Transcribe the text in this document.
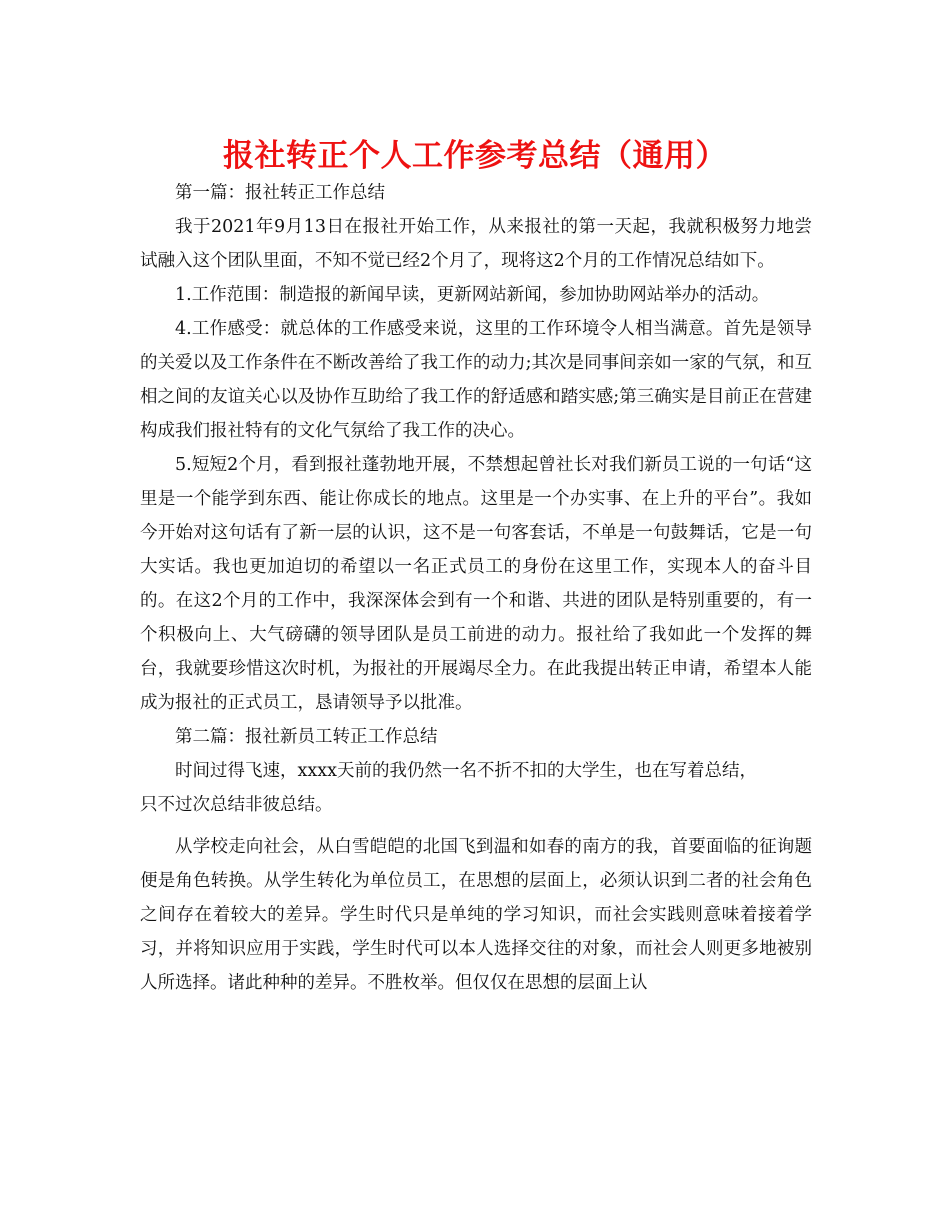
报社转正个人工作参考总结（通用）

第一篇：报社转正工作总结

我于2021年9月13日在报社开始工作，从来报社的第一天起，我就积极努力地尝试融入这个团队里面，不知不觉已经2个月了，现将这2个月的工作情况总结如下。

1.工作范围：制造报的新闻早读，更新网站新闻，参加协助网站举办的活动。

4.工作感受：就总体的工作感受来说，这里的工作环境令人相当满意。首先是领导的关爱以及工作条件在不断改善给了我工作的动力;其次是同事间亲如一家的气氛，和互相之间的友谊关心以及协作互助给了我工作的舒适感和踏实感;第三确实是目前正在营建构成我们报社特有的文化气氛给了我工作的决心。

5.短短2个月，看到报社蓬勃地开展，不禁想起曾社长对我们新员工说的一句话“这里是一个能学到东西、能让你成长的地点。这里是一个办实事、在上升的平台”。我如今开始对这句话有了新一层的认识，这不是一句客套话，不单是一句鼓舞话，它是一句大实话。我也更加迫切的希望以一名正式员工的身份在这里工作，实现本人的奋斗目的。在这2个月的工作中，我深深体会到有一个和谐、共进的团队是特别重要的，有一个积极向上、大气磅礴的领导团队是员工前进的动力。报社给了我如此一个发挥的舞台，我就要珍惜这次时机，为报社的开展竭尽全力。在此我提出转正申请，希望本人能成为报社的正式员工，恳请领导予以批准。

第二篇：报社新员工转正工作总结

时间过得飞速，xxxx天前的我仍然一名不折不扣的大学生，也在写着总结，

只不过次总结非彼总结。

从学校走向社会，从白雪皑皑的北国飞到温和如春的南方的我，首要面临的征询题便是角色转换。从学生转化为单位员工，在思想的层面上，必须认识到二者的社会角色之间存在着较大的差异。学生时代只是单纯的学习知识，而社会实践则意味着接着学习，并将知识应用于实践，学生时代可以本人选择交往的对象，而社会人则更多地被别人所选择。诸此种种的差异。不胜枚举。但仅仅在思想的层面上认
